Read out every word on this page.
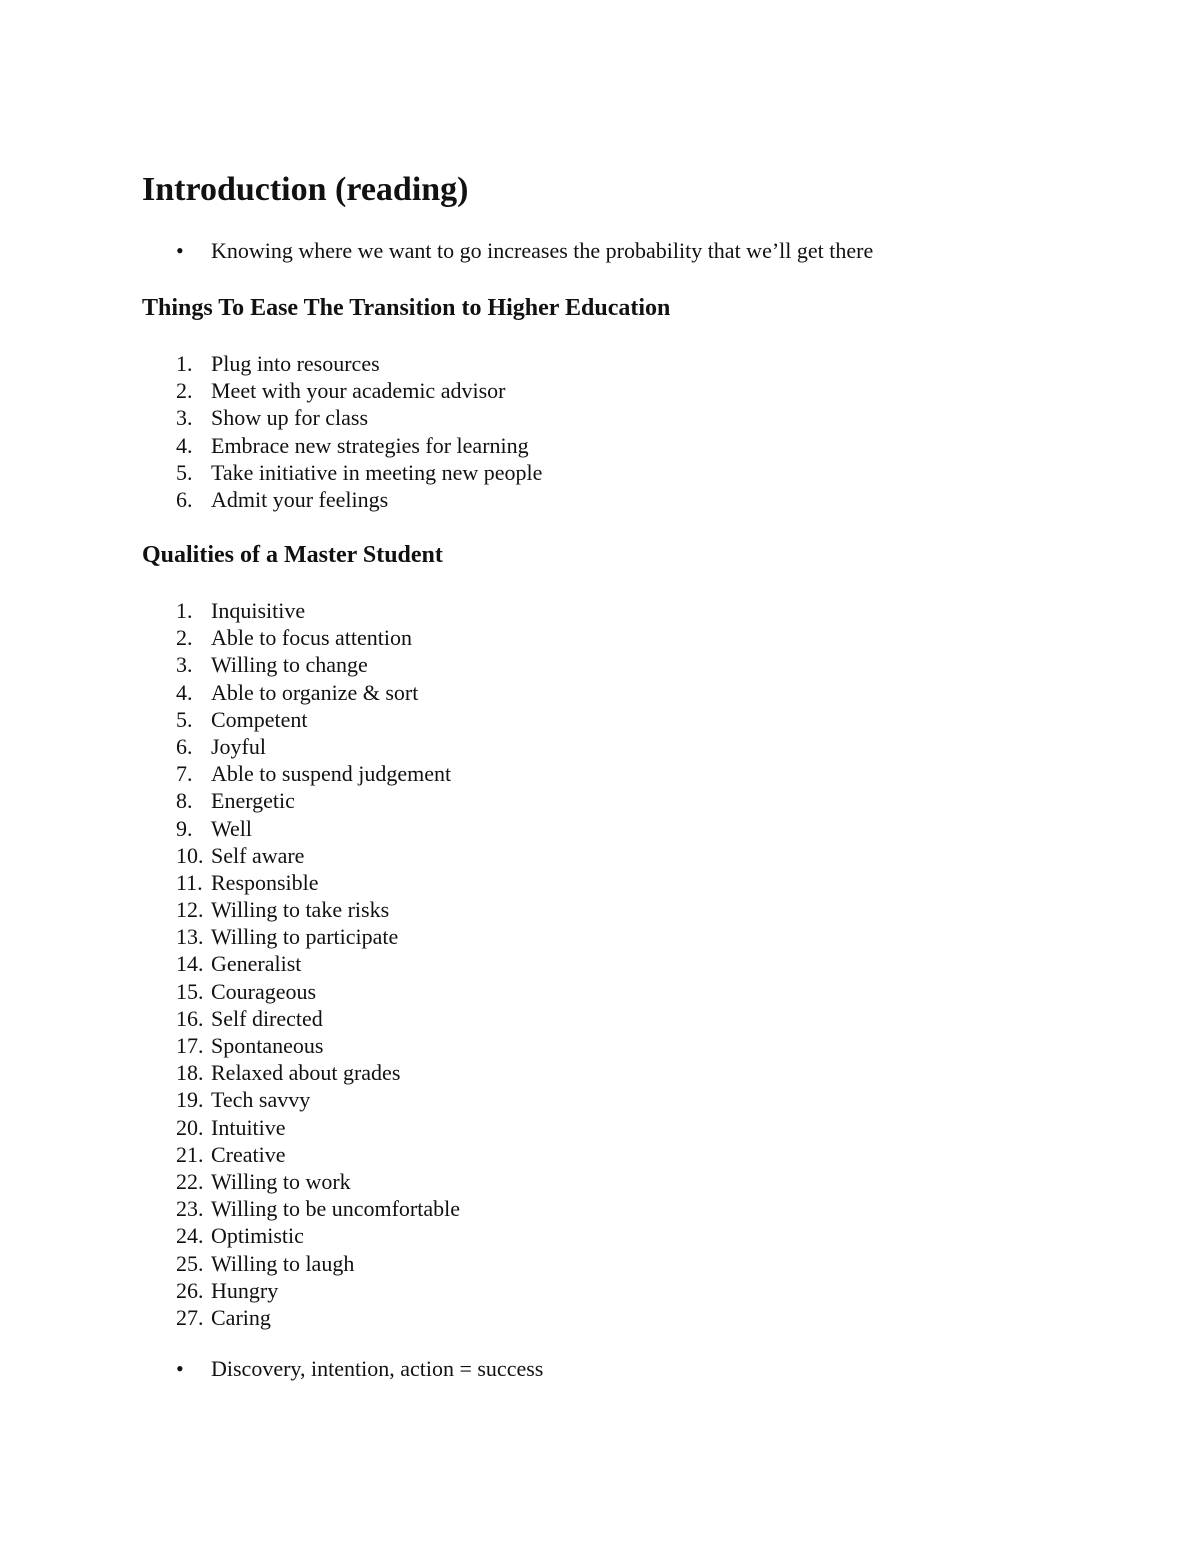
Introduction (reading)
• Knowing where we want to go increases the probability that we’ll get there
Things To Ease The Transition to Higher Education
1. Plug into resources
2. Meet with your academic advisor
3. Show up for class
4. Embrace new strategies for learning
5. Take initiative in meeting new people
6. Admit your feelings
Qualities of a Master Student
1. Inquisitive
2. Able to focus attention
3. Willing to change
4. Able to organize & sort
5. Competent
6. Joyful
7. Able to suspend judgement
8. Energetic
9. Well
10. Self aware
11. Responsible
12. Willing to take risks
13. Willing to participate
14. Generalist
15. Courageous
16. Self directed
17. Spontaneous
18. Relaxed about grades
19. Tech savvy
20. Intuitive
21. Creative
22. Willing to work
23. Willing to be uncomfortable
24. Optimistic
25. Willing to laugh
26. Hungry
27. Caring
• Discovery, intention, action = success
